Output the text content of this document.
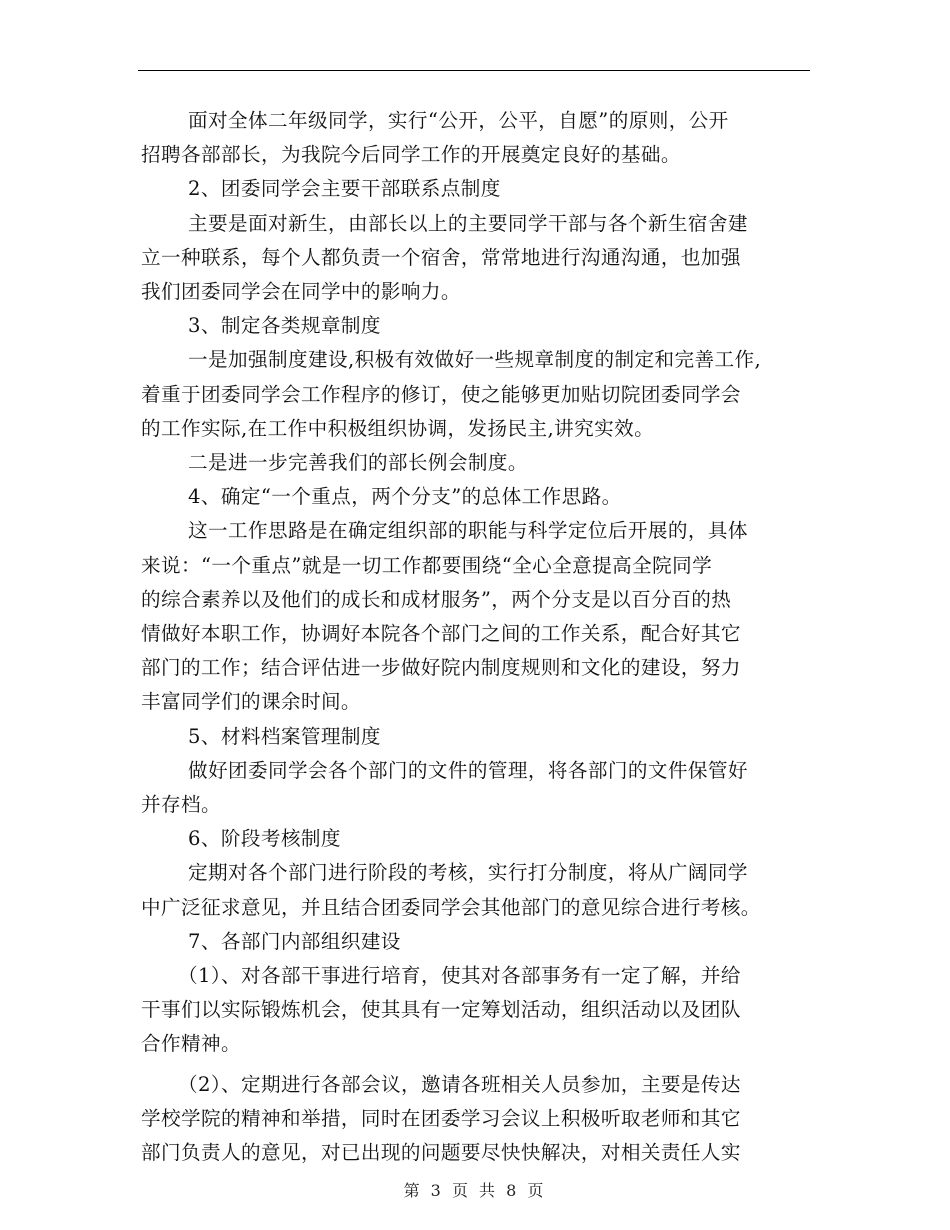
面对全体二年级同学，实行“公开，公平，自愿”的原则，公开
招聘各部部长，为我院今后同学工作的开展奠定良好的基础。
2、团委同学会主要干部联系点制度
主要是面对新生，由部长以上的主要同学干部与各个新生宿舍建
立一种联系，每个人都负责一个宿舍，常常地进行沟通沟通，也加强
我们团委同学会在同学中的影响力。
3、制定各类规章制度
一是加强制度建设,积极有效做好一些规章制度的制定和完善工作,
着重于团委同学会工作程序的修订，使之能够更加贴切院团委同学会
的工作实际,在工作中积极组织协调，发扬民主,讲究实效。
二是进一步完善我们的部长例会制度。
4、确定“一个重点，两个分支”的总体工作思路。
这一工作思路是在确定组织部的职能与科学定位后开展的，具体
来说：“一个重点”就是一切工作都要围绕“全心全意提高全院同学
的综合素养以及他们的成长和成材服务”，两个分支是以百分百的热
情做好本职工作，协调好本院各个部门之间的工作关系，配合好其它
部门的工作；结合评估进一步做好院内制度规则和文化的建设，努力
丰富同学们的课余时间。
5、材料档案管理制度
做好团委同学会各个部门的文件的管理，将各部门的文件保管好
并存档。
6、阶段考核制度
定期对各个部门进行阶段的考核，实行打分制度，将从广阔同学
中广泛征求意见，并且结合团委同学会其他部门的意见综合进行考核。
7、各部门内部组织建设
（1）、对各部干事进行培育，使其对各部事务有一定了解，并给
干事们以实际锻炼机会，使其具有一定筹划活动，组织活动以及团队
合作精神。
（2）、定期进行各部会议，邀请各班相关人员参加，主要是传达
学校学院的精神和举措，同时在团委学习会议上积极听取老师和其它
部门负责人的意见，对已出现的问题要尽快快解决，对相关责任人实
第 3 页 共 8 页
